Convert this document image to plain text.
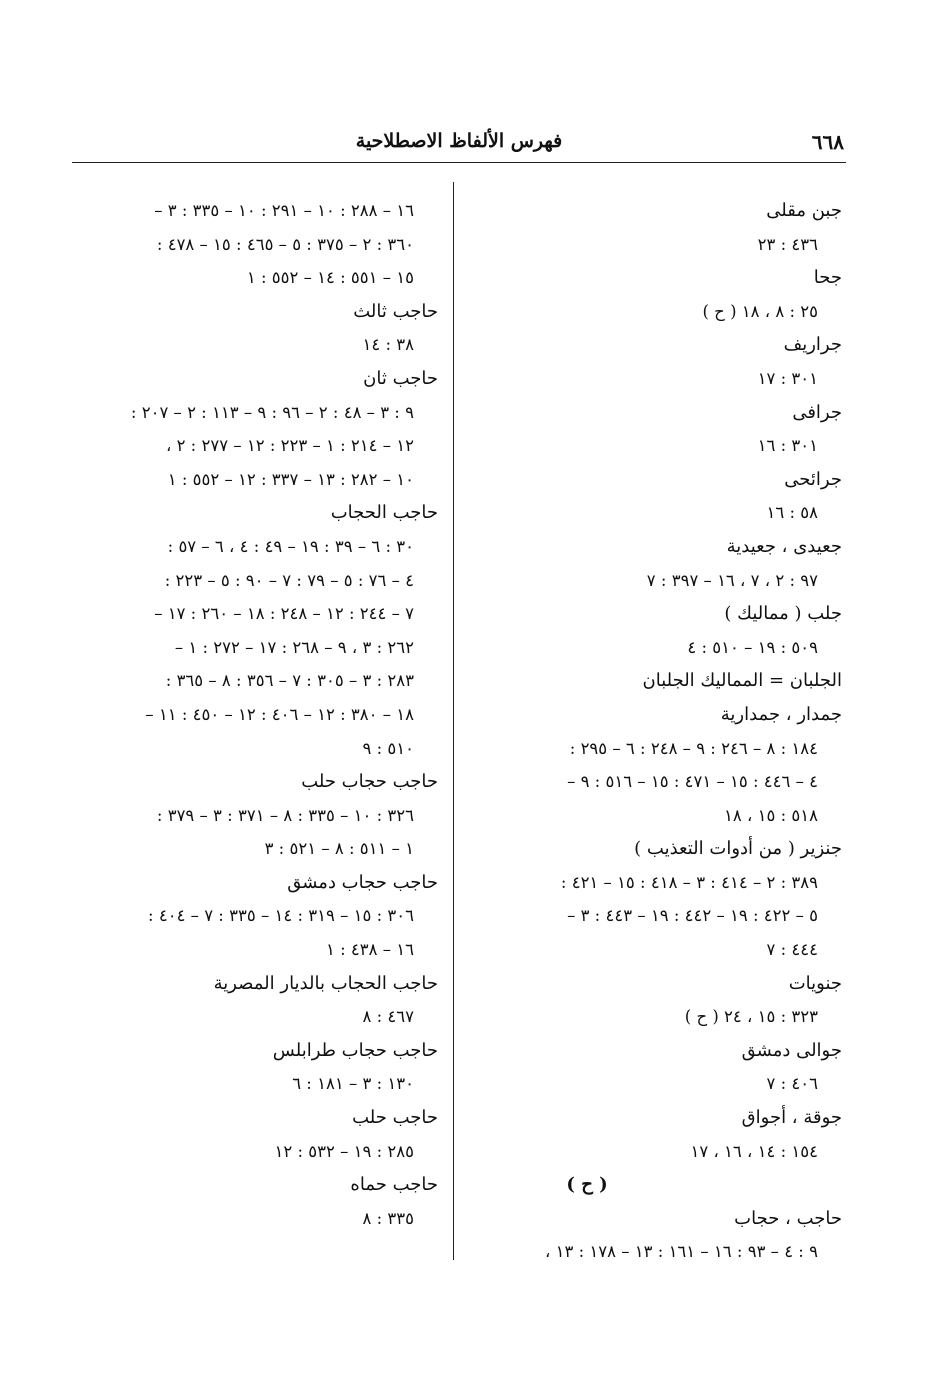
٦٦٨
فهرس الألفاظ الاصطلاحية
جبن مقلى
٤٣٦ : ٢٣
جحا
٢٥ : ٨ ، ١٨ ( ح )
جراريف
٣٠١ : ١٧
جرافى
٣٠١ : ١٦
جرائحى
٥٨ : ١٦
جعيدى ، جعيدية
٩٧ : ٢ ، ٧ ، ١٦ – ٣٩٧ : ٧
جلب ( مماليك )
٥٠٩ : ١٩ – ٥١٠ : ٤
الجلبان = المماليك الجلبان
جمدار ، جمدارية
١٨٤ : ٨ – ٢٤٦ : ٩ – ٢٤٨ : ٦ – ٢٩٥ :
٤ – ٤٤٦ : ١٥ – ٤٧١ : ١٥ – ٥١٦ : ٩ –
٥١٨ : ١٥ ، ١٨
جنزير ( من أدوات التعذيب )
٣٨٩ : ٢ – ٤١٤ : ٣ – ٤١٨ : ١٥ – ٤٢١ :
٥ – ٤٢٢ : ١٩ – ٤٤٢ : ١٩ – ٤٤٣ : ٣ –
٤٤٤ : ٧
جنويات
٣٢٣ : ١٥ ، ٢٤ ( ح )
جوالى دمشق
٤٠٦ : ٧
جوقة ، أجواق
١٥٤ : ١٤ ، ١٦ ، ١٧
( ح )
حاجب ، حجاب
٩ : ٤ – ٩٣ : ١٦ – ١٦١ : ١٣ – ١٧٨ : ١٣ ،
١٦ – ٢٨٨ : ١٠ – ٢٩١ : ١٠ – ٣٣٥ : ٣ –
٣٦٠ : ٢ – ٣٧٥ : ٥ – ٤٦٥ : ١٥ – ٤٧٨ :
١٥ – ٥٥١ : ١٤ – ٥٥٢ : ١
حاجب ثالث
٣٨ : ١٤
حاجب ثان
٩ : ٣ – ٤٨ : ٢ – ٩٦ : ٩ – ١١٣ : ٢ – ٢٠٧ :
١٢ – ٢١٤ : ١ – ٢٢٣ : ١٢ – ٢٧٧ : ٢ ،
١٠ – ٢٨٢ : ١٣ – ٣٣٧ : ١٢ – ٥٥٢ : ١
حاجب الحجاب
٣٠ : ٦ – ٣٩ : ١٩ – ٤٩ : ٤ ، ٦ – ٥٧ :
٤ – ٧٦ : ٥ – ٧٩ : ٧ – ٩٠ : ٥ – ٢٢٣ :
٧ – ٢٤٤ : ١٢ – ٢٤٨ : ١٨ – ٢٦٠ : ١٧ –
٢٦٢ : ٣ ، ٩ – ٢٦٨ : ١٧ – ٢٧٢ : ١ –
٢٨٣ : ٣ – ٣٠٥ : ٧ – ٣٥٦ : ٨ – ٣٦٥ :
١٨ – ٣٨٠ : ١٢ – ٤٠٦ : ١٢ – ٤٥٠ : ١١ –
٥١٠ : ٩
حاجب حجاب حلب
٣٢٦ : ١٠ – ٣٣٥ : ٨ – ٣٧١ : ٣ – ٣٧٩ :
١ – ٥١١ : ٨ – ٥٢١ : ٣
حاجب حجاب دمشق
٣٠٦ : ١٥ – ٣١٩ : ١٤ – ٣٣٥ : ٧ – ٤٠٤ :
١٦ – ٤٣٨ : ١
حاجب الحجاب بالديار المصرية
٤٦٧ : ٨
حاجب حجاب طرابلس
١٣٠ : ٣ – ١٨١ : ٦
حاجب حلب
٢٨٥ : ١٩ – ٥٣٢ : ١٢
حاجب حماه
٣٣٥ : ٨
